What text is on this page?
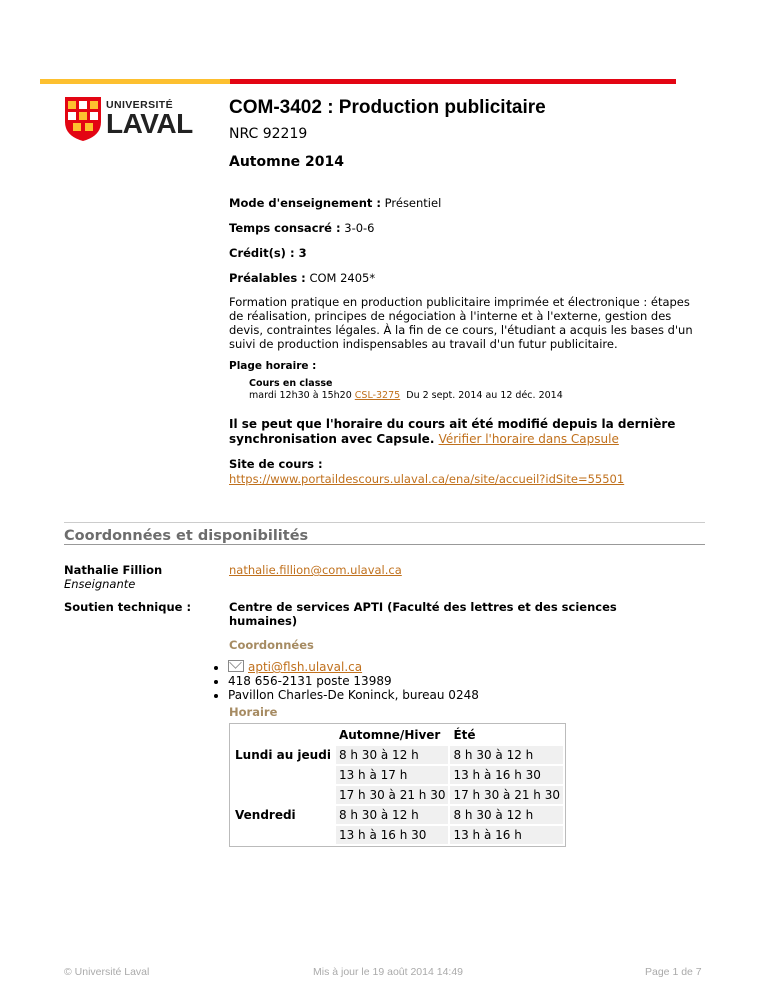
UNIVERSITÉ
LAVAL
COM-3402 : Production publicitaire
NRC 92219
Automne 2014
Mode d'enseignement : Présentiel
Temps consacré : 3-0-6
Crédit(s) : 3
Préalables : COM 2405*
Formation pratique en production publicitaire imprimée et électronique : étapes de réalisation, principes de négociation à l'interne et à l'externe, gestion des devis, contraintes légales. À la fin de ce cours, l'étudiant a acquis les bases d'un suivi de production indispensables au travail d'un futur publicitaire.
Plage horaire :
Cours en classe
mardi 12h30 à 15h20 CSL-3275 Du 2 sept. 2014 au 12 déc. 2014
Il se peut que l'horaire du cours ait été modifié depuis la dernière synchronisation avec Capsule. Vérifier l'horaire dans Capsule
Site de cours :
https://www.portaildescours.ulaval.ca/ena/site/accueil?idSite=55501
Coordonnées et disponibilités
Nathalie Fillion
Enseignante
nathalie.fillion@com.ulaval.ca
Soutien technique :	Centre de services APTI (Faculté des lettres et des sciences humaines)
Coordonnées
• apti@flsh.ulaval.ca
• 418 656-2131 poste 13989
• Pavillon Charles-De Koninck, bureau 0248
Horaire
	Automne/Hiver	Été
Lundi au jeudi	8 h 30 à 12 h	8 h 30 à 12 h
	13 h à 17 h	13 h à 16 h 30
	17 h 30 à 21 h 30	17 h 30 à 21 h 30
Vendredi	8 h 30 à 12 h	8 h 30 à 12 h
	13 h à 16 h 30	13 h à 16 h
© Université Laval	Mis à jour le 19 août 2014 14:49	Page 1 de 7
